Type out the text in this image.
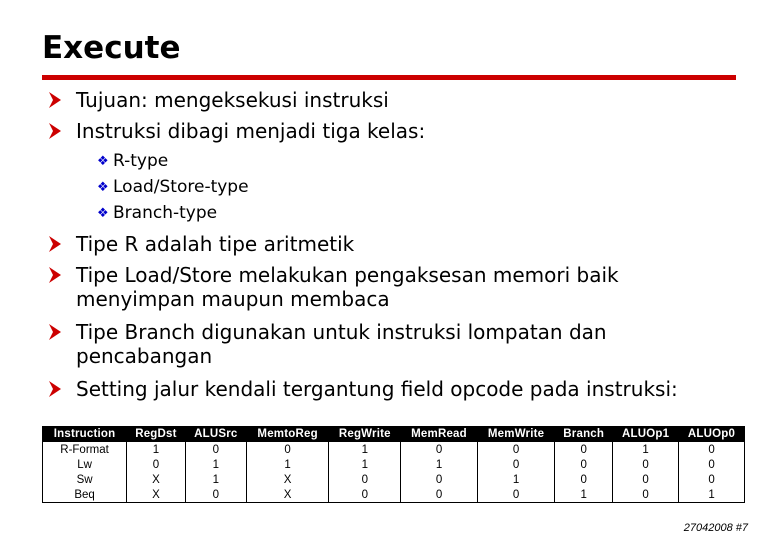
Execute
Tujuan: mengeksekusi instruksi
Instruksi dibagi menjadi tiga kelas:
❖ R-type
❖ Load/Store-type
❖ Branch-type
Tipe R adalah tipe aritmetik
Tipe Load/Store melakukan pengaksesan memori baik menyimpan maupun membaca
Tipe Branch digunakan untuk instruksi lompatan dan pencabangan
Setting jalur kendali tergantung field opcode pada instruksi:
Instruction	RegDst	ALUSrc	MemtoReg	RegWrite	MemRead	MemWrite	Branch	ALUOp1	ALUOp0
R-Format	1	0	0	1	0	0	0	1	0
Lw	0	1	1	1	1	0	0	0	0
Sw	X	1	X	0	0	1	0	0	0
Beq	X	0	X	0	0	0	1	0	1
27042008 #7
